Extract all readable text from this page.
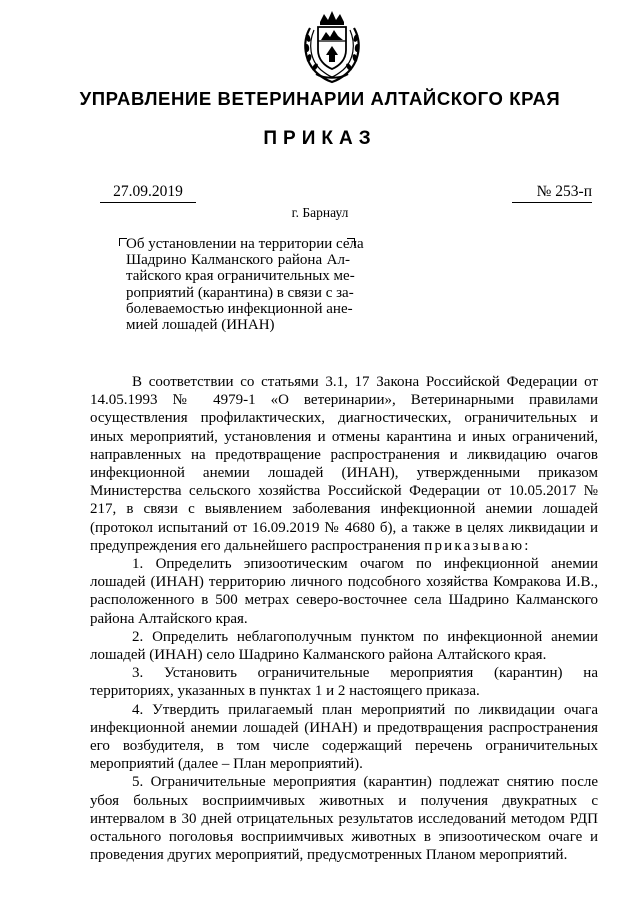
УПРАВЛЕНИЕ ВЕТЕРИНАРИИ АЛТАЙСКОГО КРАЯ
ПРИКАЗ
27.09.2019	№ 253-п
г. Барнаул
Об установлении на территории села
Шадрино Калманского района Ал-
тайского края ограничительных ме-
роприятий (карантина) в связи с за-
болеваемостью инфекционной ане-
мией лошадей (ИНАН)

В соответствии со статьями 3.1, 17 Закона Российской Федерации от 14.05.1993 № 4979-1 «О ветеринарии», Ветеринарными правилами осуществления профилактических, диагностических, ограничительных и иных мероприятий, установления и отмены карантина и иных ограничений, направленных на предотвращение распространения и ликвидацию очагов инфекционной анемии лошадей (ИНАН), утвержденными приказом Министерства сельского хозяйства Российской Федерации от 10.05.2017 № 217, в связи с выявлением заболевания инфекционной анемии лошадей (протокол испытаний от 16.09.2019 № 4680 б), а также в целях ликвидации и предупреждения его дальнейшего распространения приказываю:

1. Определить эпизоотическим очагом по инфекционной анемии лошадей (ИНАН) территорию личного подсобного хозяйства Комракова И.В., расположенного в 500 метрах северо-восточнее села Шадрино Калманского района Алтайского края.

2. Определить неблагополучным пунктом по инфекционной анемии лошадей (ИНАН) село Шадрино Калманского района Алтайского края.

3. Установить ограничительные мероприятия (карантин) на территориях, указанных в пунктах 1 и 2 настоящего приказа.

4. Утвердить прилагаемый план мероприятий по ликвидации очага инфекционной анемии лошадей (ИНАН) и предотвращения распространения его возбудителя, в том числе содержащий перечень ограничительных мероприятий (далее – План мероприятий).

5. Ограничительные мероприятия (карантин) подлежат снятию после убоя больных восприимчивых животных и получения двукратных с интервалом в 30 дней отрицательных результатов исследований методом РДП остального поголовья восприимчивых животных в эпизоотическом очаге и проведения других мероприятий, предусмотренных Планом мероприятий.
